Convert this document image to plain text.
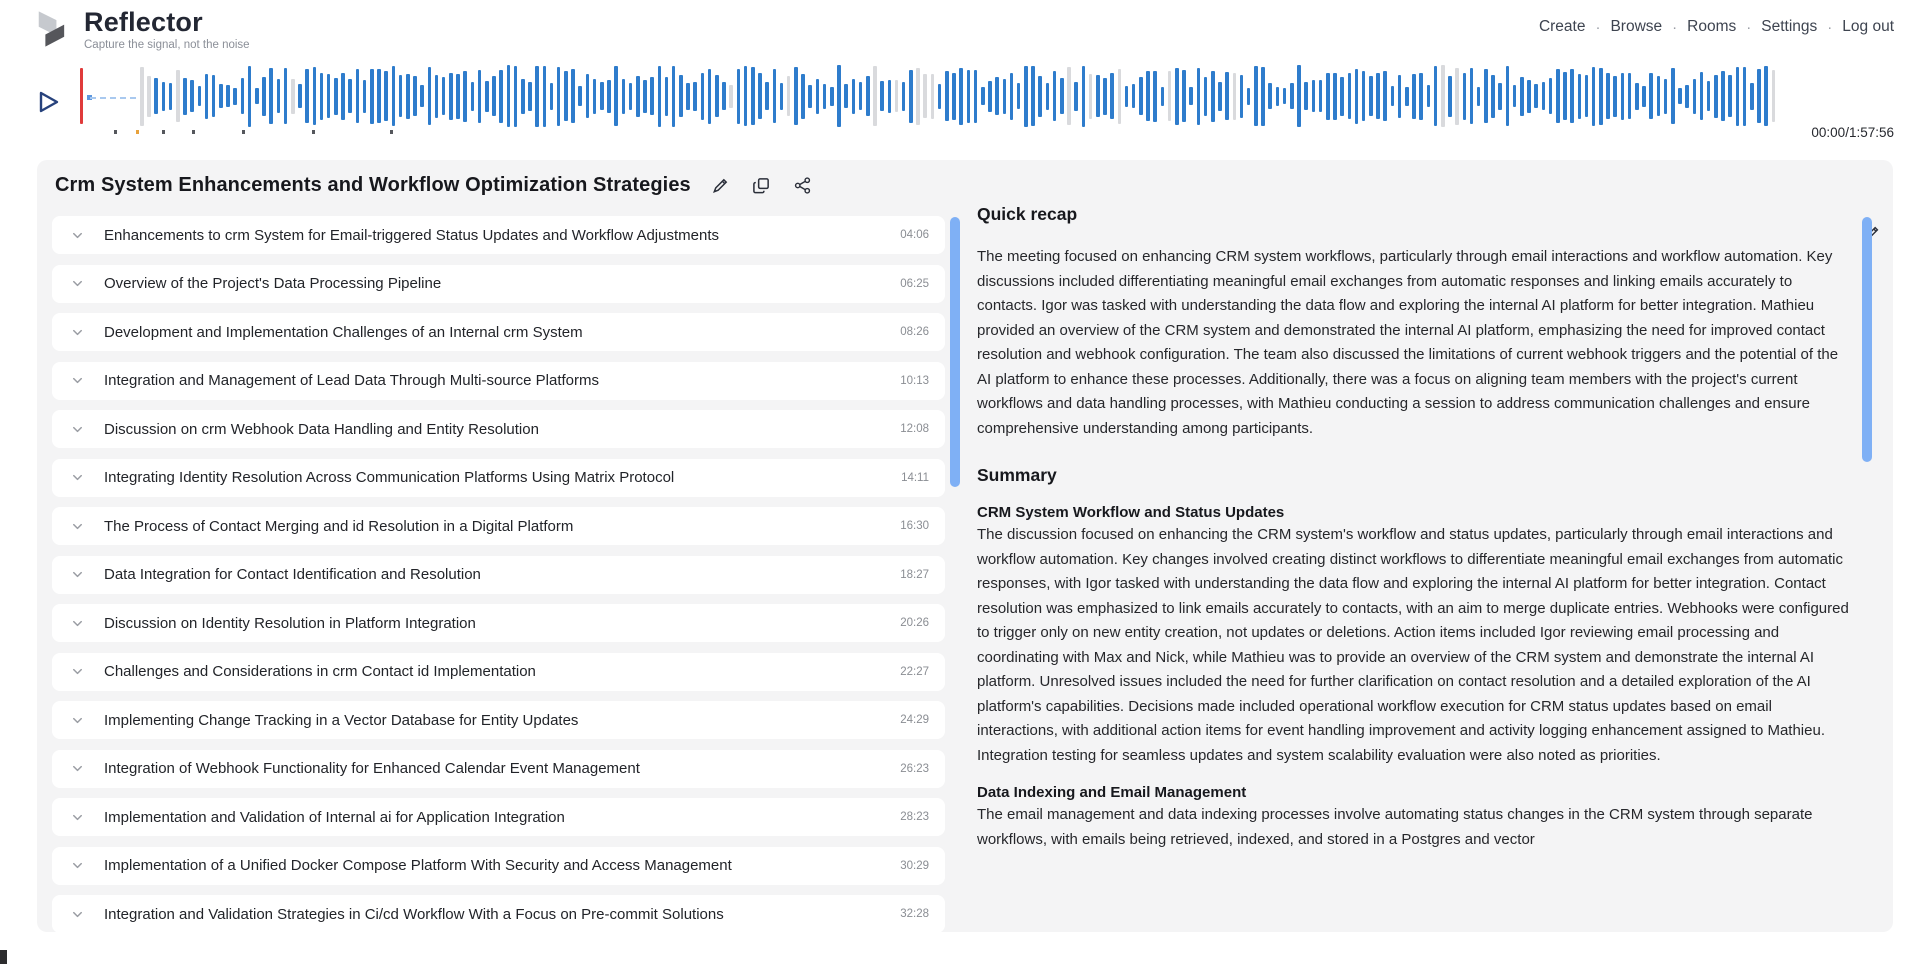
Reflector
Capture the signal, not the noise
Create · Browse · Rooms · Settings · Log out
00:00/1:57:56
Crm System Enhancements and Workflow Optimization Strategies
Enhancements to crm System for Email-triggered Status Updates and Workflow Adjustments	04:06
Overview of the Project's Data Processing Pipeline	06:25
Development and Implementation Challenges of an Internal crm System	08:26
Integration and Management of Lead Data Through Multi-source Platforms	10:13
Discussion on crm Webhook Data Handling and Entity Resolution	12:08
Integrating Identity Resolution Across Communication Platforms Using Matrix Protocol	14:11
The Process of Contact Merging and id Resolution in a Digital Platform	16:30
Data Integration for Contact Identification and Resolution	18:27
Discussion on Identity Resolution in Platform Integration	20:26
Challenges and Considerations in crm Contact id Implementation	22:27
Implementing Change Tracking in a Vector Database for Entity Updates	24:29
Integration of Webhook Functionality for Enhanced Calendar Event Management	26:23
Implementation and Validation of Internal ai for Application Integration	28:23
Implementation of a Unified Docker Compose Platform With Security and Access Management	30:29
Integration and Validation Strategies in Ci/cd Workflow With a Focus on Pre-commit Solutions	32:28
Quick recap

The meeting focused on enhancing CRM system workflows, particularly through email interactions and workflow automation. Key discussions included differentiating meaningful email exchanges from automatic responses and linking emails accurately to contacts. Igor was tasked with understanding the data flow and exploring the internal AI platform for better integration. Mathieu provided an overview of the CRM system and demonstrated the internal AI platform, emphasizing the need for improved contact resolution and webhook configuration. The team also discussed the limitations of current webhook triggers and the potential of the AI platform to enhance these processes. Additionally, there was a focus on aligning team members with the project's current workflows and data handling processes, with Mathieu conducting a session to address communication challenges and ensure comprehensive understanding among participants.

Summary
CRM System Workflow and Status Updates

The discussion focused on enhancing the CRM system's workflow and status updates, particularly through email interactions and workflow automation. Key changes involved creating distinct workflows to differentiate meaningful email exchanges from automatic responses, with Igor tasked with understanding the data flow and exploring the internal AI platform for better integration. Contact resolution was emphasized to link emails accurately to contacts, with an aim to merge duplicate entries. Webhooks were configured to trigger only on new entity creation, not updates or deletions. Action items included Igor reviewing email processing and coordinating with Max and Nick, while Mathieu was to provide an overview of the CRM system and demonstrate the internal AI platform. Unresolved issues included the need for further clarification on contact resolution and a detailed exploration of the AI platform's capabilities. Decisions made included operational workflow execution for CRM status updates based on email interactions, with additional action items for event handling improvement and activity logging enhancement assigned to Mathieu. Integration testing for seamless updates and system scalability evaluation were also noted as priorities.

Data Indexing and Email Management

The email management and data indexing processes involve automating status changes in the CRM system through separate workflows, with emails being retrieved, indexed, and stored in a Postgres and vector
